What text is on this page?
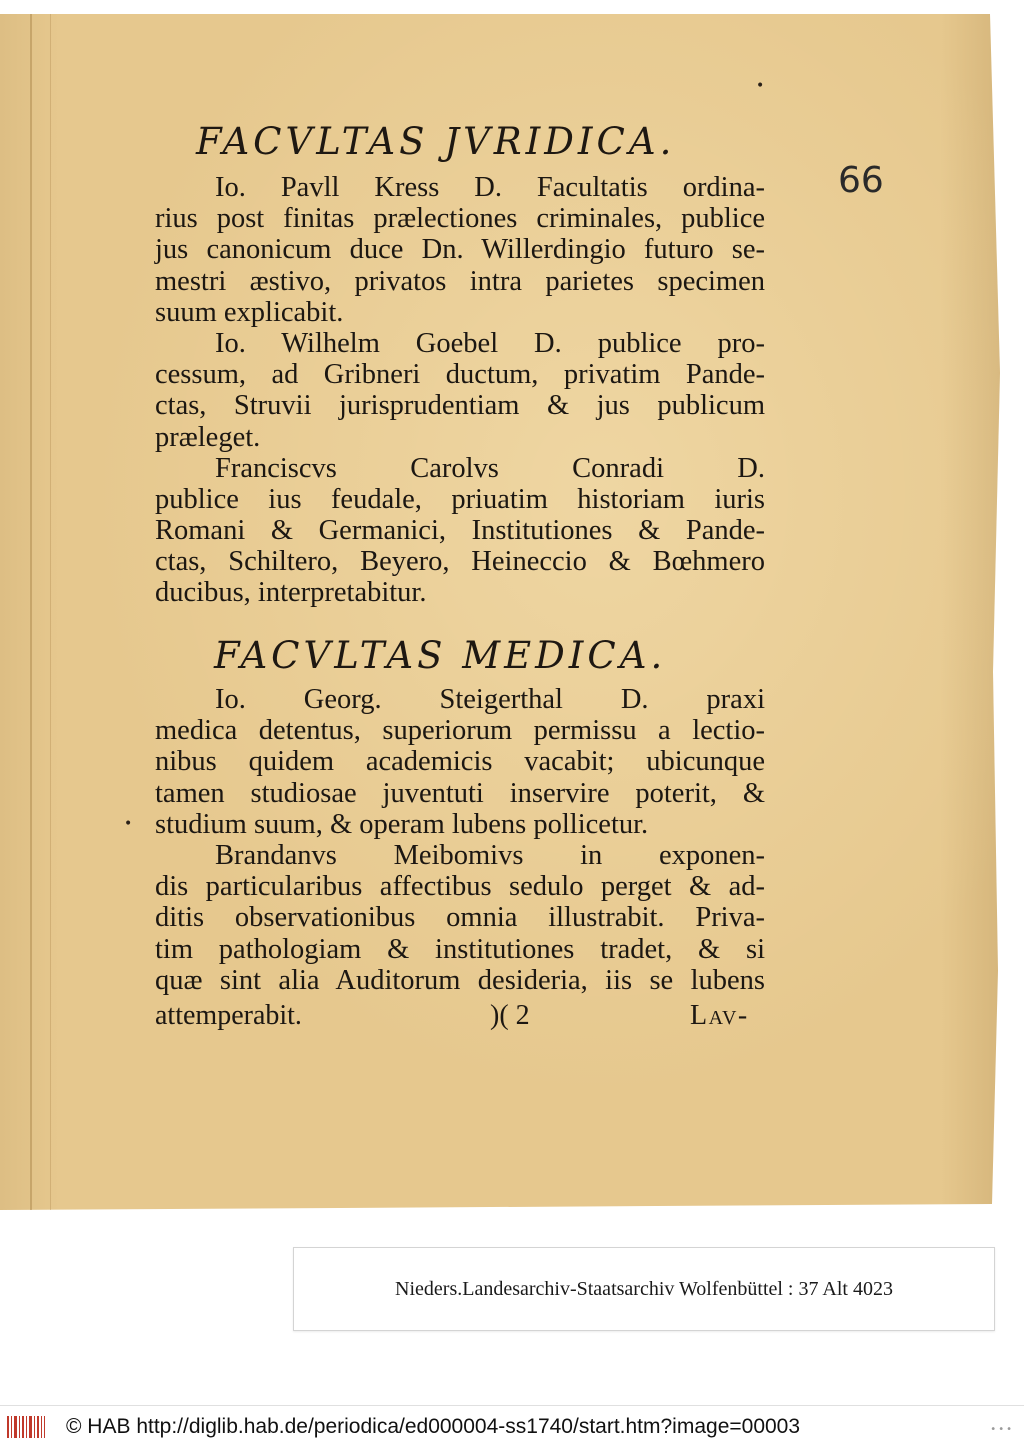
•
•
66
FACVLTAS JVRIDICA.
Io. Pavll Kress D. Facultatis ordina-
rius post finitas prælectiones criminales, publice
jus canonicum duce Dn. Willerdingio futuro se-
mestri æstivo, privatos intra parietes specimen
suum explicabit.
Io. Wilhelm Goebel D. publice pro-
cessum, ad Gribneri ductum, privatim Pande-
ctas, Struvii jurisprudentiam & jus publicum
præleget.
Franciscvs Carolvs Conradi D.
publice ius feudale, priuatim historiam iuris
Romani & Germanici, Institutiones & Pande-
ctas, Schiltero, Beyero, Heineccio & Bœhmero
ducibus, interpretabitur.
FACVLTAS MEDICA.
Io. Georg. Steigerthal D. praxi
medica detentus, superiorum permissu a lectio-
nibus quidem academicis vacabit; ubicunque
tamen studiosae juventuti inservire poterit, &
studium suum, & operam lubens pollicetur.
Brandanvs Meibomivs in exponen-
dis particularibus affectibus sedulo perget & ad-
ditis observationibus omnia illustrabit. Priva-
tim pathologiam & institutiones tradet, & si
quæ sint alia Auditorum desideria, iis se lubens
attemperabit.	)( 2	Lav-
Nieders.Landesarchiv-Staatsarchiv Wolfenbüttel : 37 Alt 4023
© HAB http://diglib.hab.de/periodica/ed000004-ss1740/start.htm?image=00003	•••
